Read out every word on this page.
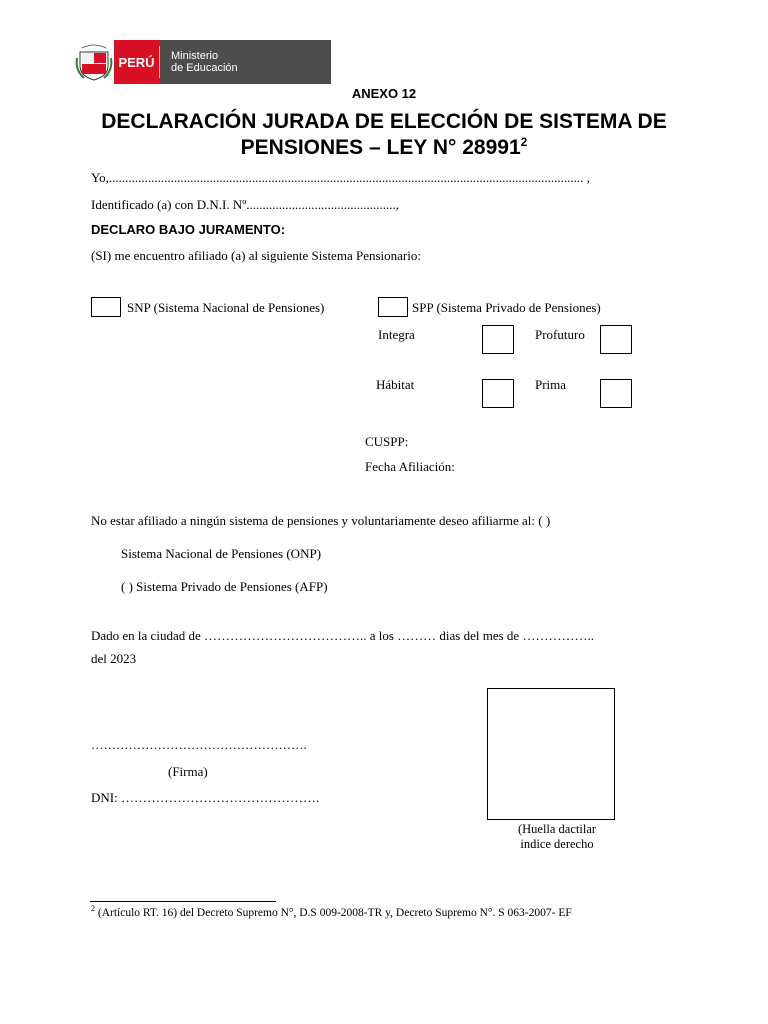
PERÚ	Ministerio
de Educación
ANEXO 12
DECLARACIÓN JURADA DE ELECCIÓN DE SISTEMA DE
PENSIONES – LEY N° 28991$^2$
Yo,.................................................................................................................................................. ,
Identificado (a) con D.N.I. Nº..............................................,
DECLARO BAJO JURAMENTO:
(SI) me encuentro afiliado (a) al siguiente Sistema Pensionario:
SNP (Sistema Nacional de Pensiones)	SPP (Sistema Privado de Pensiones)
Integra	Profuturo
Hábitat	Prima
CUSPP:
Fecha Afiliación:
No estar afiliado a ningún sistema de pensiones y voluntariamente deseo afiliarme al: ( )
Sistema Nacional de Pensiones (ONP)
( ) Sistema Privado de Pensiones (AFP)
Dado en la ciudad de ……………………………….. a los ……… dias del mes de ……………..
del 2023
…………………………………………….
(Firma)
DNI: ……………………………………….
(Huella dactilar
indice derecho
$^2$ (Artículo RT. 16) del Decreto Supremo N°, D.S 009-2008-TR y, Decreto Supremo N°. S 063-2007- EF
